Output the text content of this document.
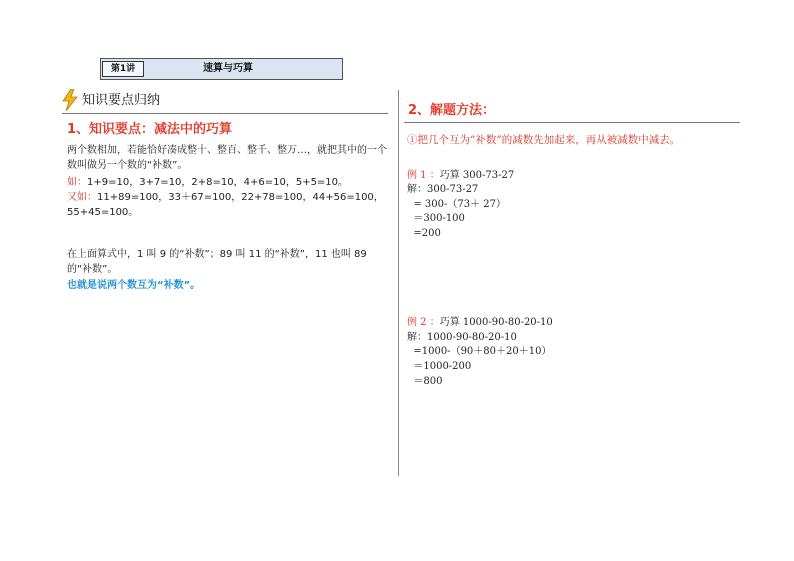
第1讲	速算与巧算
知识要点归纳
1、知识要点：减法中的巧算
两个数相加，若能恰好凑成整十、整百、整千、整万…，就把其中的一个数叫做另一个数的“补数”。
如：1+9=10，3+7=10，2+8=10，4+6=10，5+5=10。
又如：11+89=100，33＋67=100，22+78=100，44+56=100，
55+45=100。
在上面算式中，1 叫 9 的“补数”；89 叫 11 的“补数”，11 也叫 89 的“补数”。
也就是说两个数互为“补数”。
2、解题方法：
①把几个互为“补数”的减数先加起来，再从被减数中减去。
例 1 ：巧算 300-73-27
解：300-73-27
= 300-（73＋ 27）
＝300-100
=200
例 2 ：巧算 1000-90-80-20-10
解：1000-90-80-20-10
=1000-（90＋80＋20＋10）
＝1000-200
＝800
